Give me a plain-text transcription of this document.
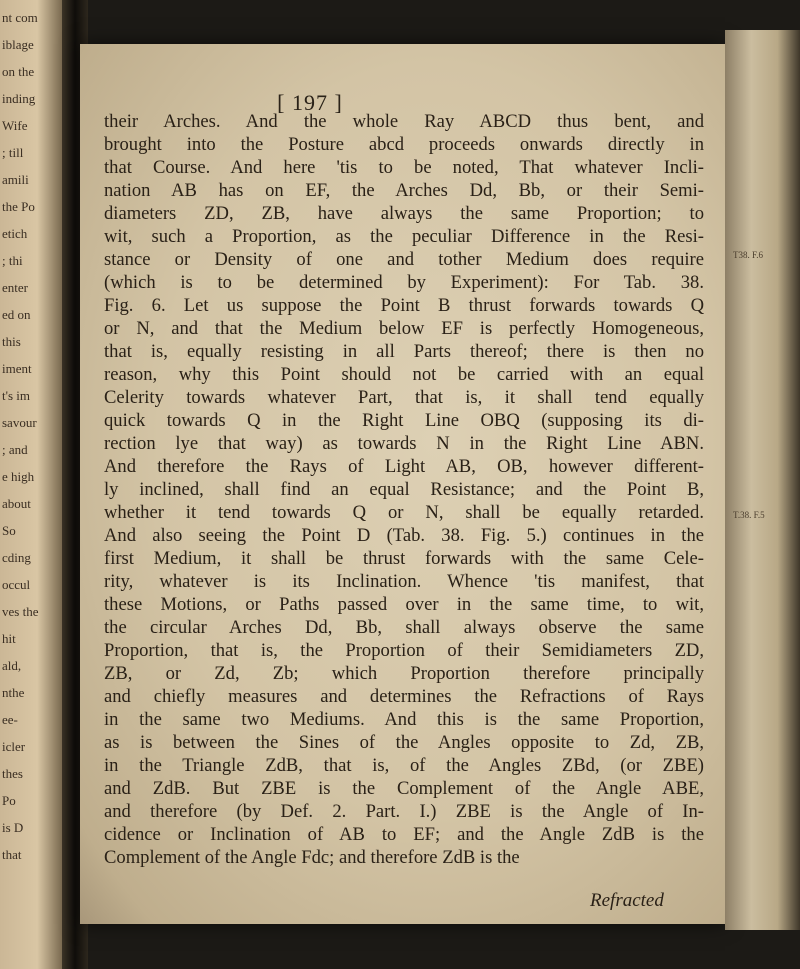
nt com
iblage
on the
inding
Wife
; till
amili
the Po
etich
; thi
enter
ed on
this
iment
t's im
savour
; and
e high
about
So
cding
occul
ves the
hit
ald,
nthe
ee-
icler
thes
Po
is D
that
[ 197 ]
their Arches. And the whole Ray ABCD thus bent, and
brought into the Posture abcd proceeds onwards directly in
that Course. And here 'tis to be noted, That whatever Incli-
nation AB has on EF, the Arches Dd, Bb, or their Semi-
diameters ZD, ZB, have always the same Proportion; to
wit, such a Proportion, as the peculiar Difference in the Resi-
stance or Density of one and tother Medium does require
(which is to be determined by Experiment): For Tab. 38.
Fig. 6. Let us suppose the Point B thrust forwards towards Q
or N, and that the Medium below EF is perfectly Homogeneous,
that is, equally resisting in all Parts thereof; there is then no
reason, why this Point should not be carried with an equal
Celerity towards whatever Part, that is, it shall tend equally
quick towards Q in the Right Line OBQ (supposing its di-
rection lye that way) as towards N in the Right Line ABN.
And therefore the Rays of Light AB, OB, however different-
ly inclined, shall find an equal Resistance; and the Point B,
whether it tend towards Q or N, shall be equally retarded.
And also seeing the Point D (Tab. 38. Fig. 5.) continues in the
first Medium, it shall be thrust forwards with the same Cele-
rity, whatever is its Inclination. Whence 'tis manifest, that
these Motions, or Paths passed over in the same time, to wit,
the circular Arches Dd, Bb, shall always observe the same
Proportion, that is, the Proportion of their Semidiameters ZD,
ZB, or Zd, Zb; which Proportion therefore principally
and chiefly measures and determines the Refractions of Rays
in the same two Mediums. And this is the same Proportion,
as is between the Sines of the Angles opposite to Zd, ZB,
in the Triangle ZdB, that is, of the Angles ZBd, (or ZBE)
and ZdB. But ZBE is the Complement of the Angle ABE,
and therefore (by Def. 2. Part. I.) ZBE is the Angle of In-
cidence or Inclination of AB to EF; and the Angle ZdB is the
Complement of the Angle Fdc; and therefore ZdB is the
Refracted
T38. F.6
T.38. F.5
